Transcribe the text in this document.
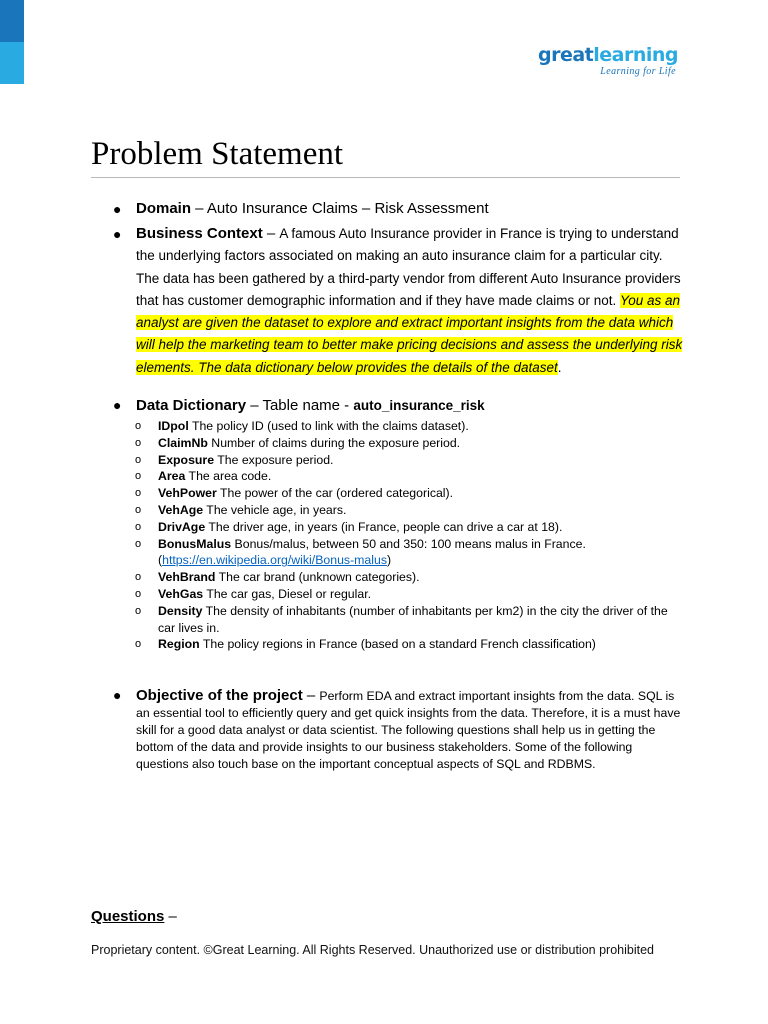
greatlearning
Learning for Life
Problem Statement
● Domain – Auto Insurance Claims – Risk Assessment
● Business Context – A famous Auto Insurance provider in France is trying to understand the underlying factors associated on making an auto insurance claim for a particular city. The data has been gathered by a third-party vendor from different Auto Insurance providers that has customer demographic information and if they have made claims or not. You as an analyst are given the dataset to explore and extract important insights from the data which will help the marketing team to better make pricing decisions and assess the underlying risk elements. The data dictionary below provides the details of the dataset.
● Data Dictionary – Table name - auto_insurance_risk
o IDpol The policy ID (used to link with the claims dataset).
o ClaimNb Number of claims during the exposure period.
o Exposure The exposure period.
o Area The area code.
o VehPower The power of the car (ordered categorical).
o VehAge The vehicle age, in years.
o DrivAge The driver age, in years (in France, people can drive a car at 18).
o BonusMalus Bonus/malus, between 50 and 350: 100 means malus in France.
(https://en.wikipedia.org/wiki/Bonus-malus)
o VehBrand The car brand (unknown categories).
o VehGas The car gas, Diesel or regular.
o Density The density of inhabitants (number of inhabitants per km2) in the city the driver of the car lives in.
o Region The policy regions in France (based on a standard French classification)
● Objective of the project – Perform EDA and extract important insights from the data. SQL is an essential tool to efficiently query and get quick insights from the data. Therefore, it is a must have skill for a good data analyst or data scientist. The following questions shall help us in getting the bottom of the data and provide insights to our business stakeholders. Some of the following questions also touch base on the important conceptual aspects of SQL and RDBMS.
Questions –
Proprietary content. ©Great Learning. All Rights Reserved. Unauthorized use or distribution prohibited
